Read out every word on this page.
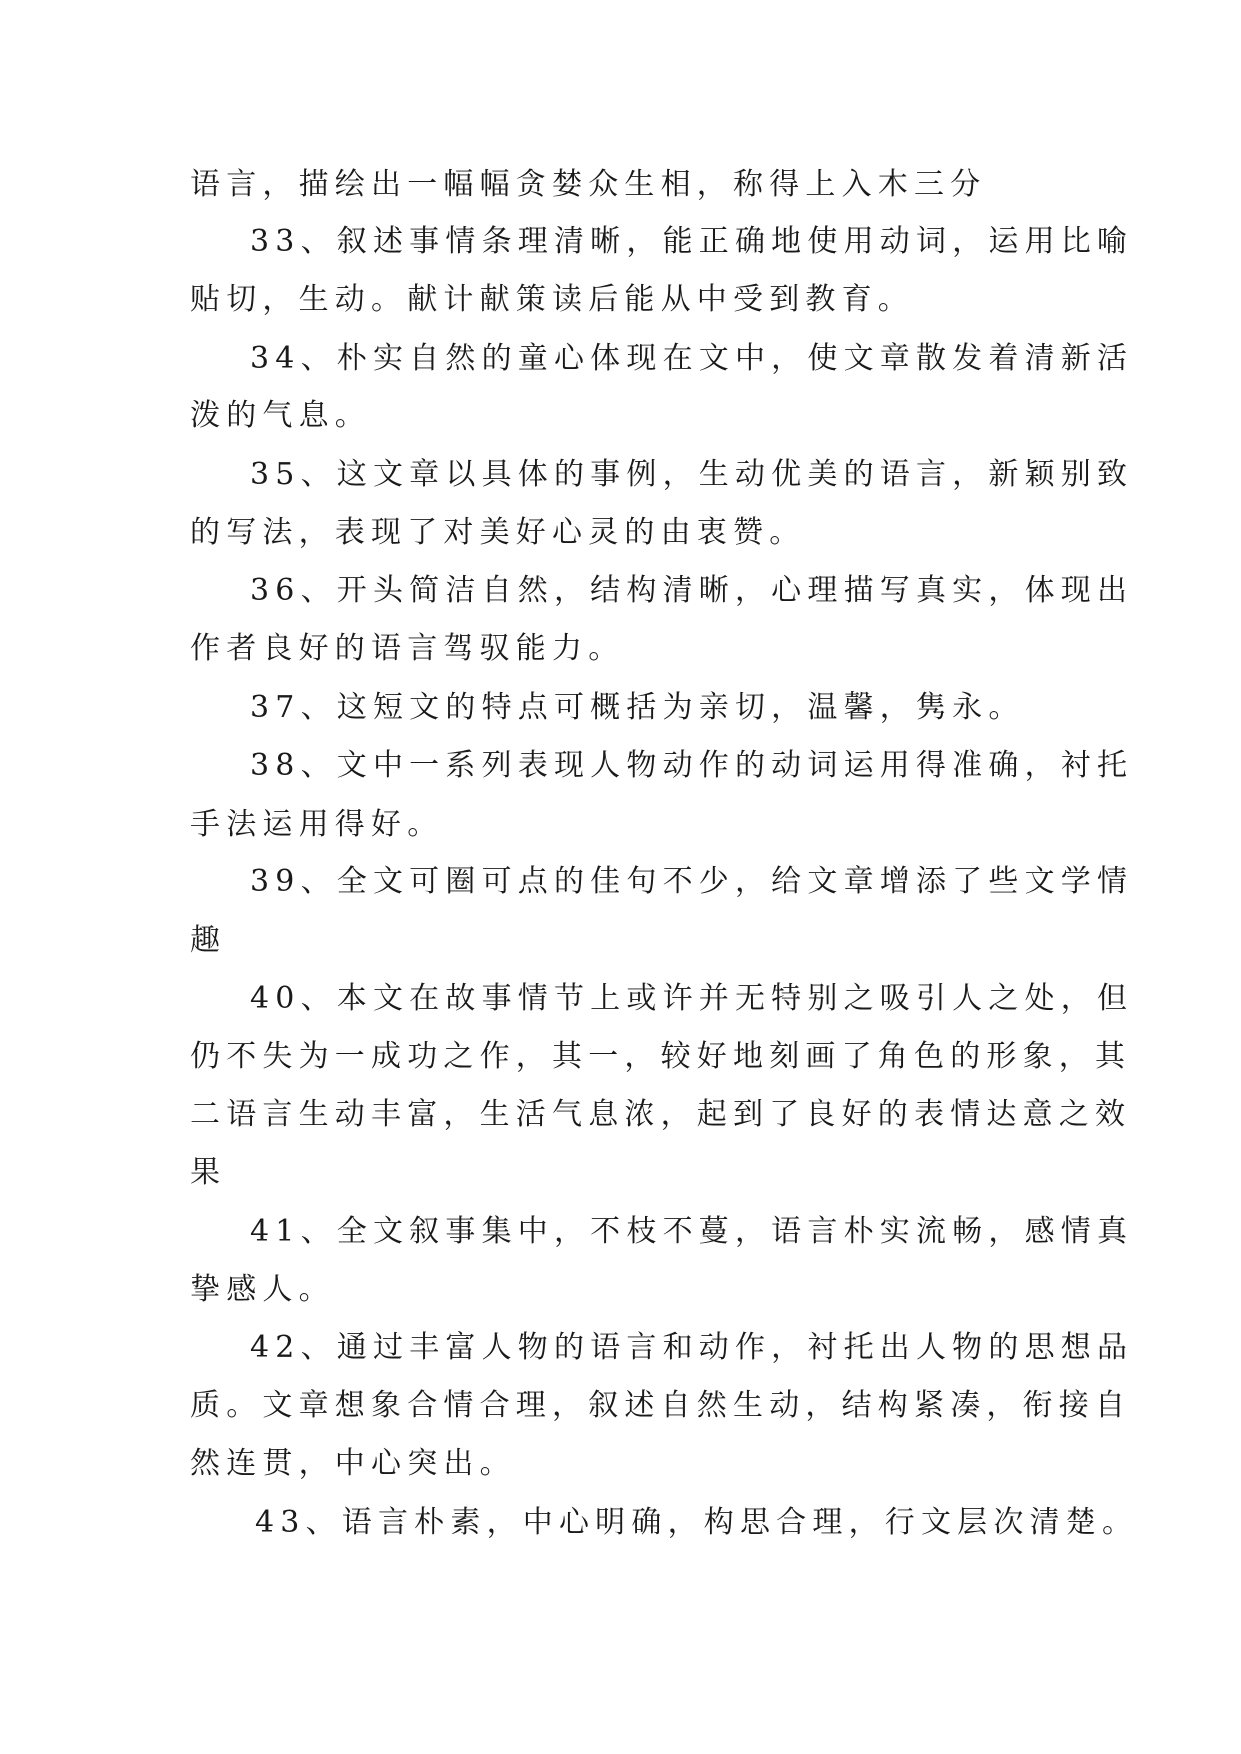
语言，描绘出一幅幅贪婪众生相，称得上入木三分

33、叙述事情条理清晰，能正确地使用动词，运用比喻

贴切，生动。献计献策读后能从中受到教育。

34、朴实自然的童心体现在文中，使文章散发着清新活

泼的气息。

35、这文章以具体的事例，生动优美的语言，新颖别致

的写法，表现了对美好心灵的由衷赞。

36、开头简洁自然，结构清晰，心理描写真实，体现出

作者良好的语言驾驭能力。

37、这短文的特点可概括为亲切，温馨，隽永。

38、文中一系列表现人物动作的动词运用得准确，衬托

手法运用得好。

39、全文可圈可点的佳句不少，给文章增添了些文学情

趣

40、本文在故事情节上或许并无特别之吸引人之处，但

仍不失为一成功之作，其一，较好地刻画了角色的形象，其

二语言生动丰富，生活气息浓，起到了良好的表情达意之效

果

41、全文叙事集中，不枝不蔓，语言朴实流畅，感情真

挚感人。

42、通过丰富人物的语言和动作，衬托出人物的思想品

质。文章想象合情合理，叙述自然生动，结构紧凑，衔接自

然连贯，中心突出。

43、语言朴素，中心明确，构思合理，行文层次清楚。
